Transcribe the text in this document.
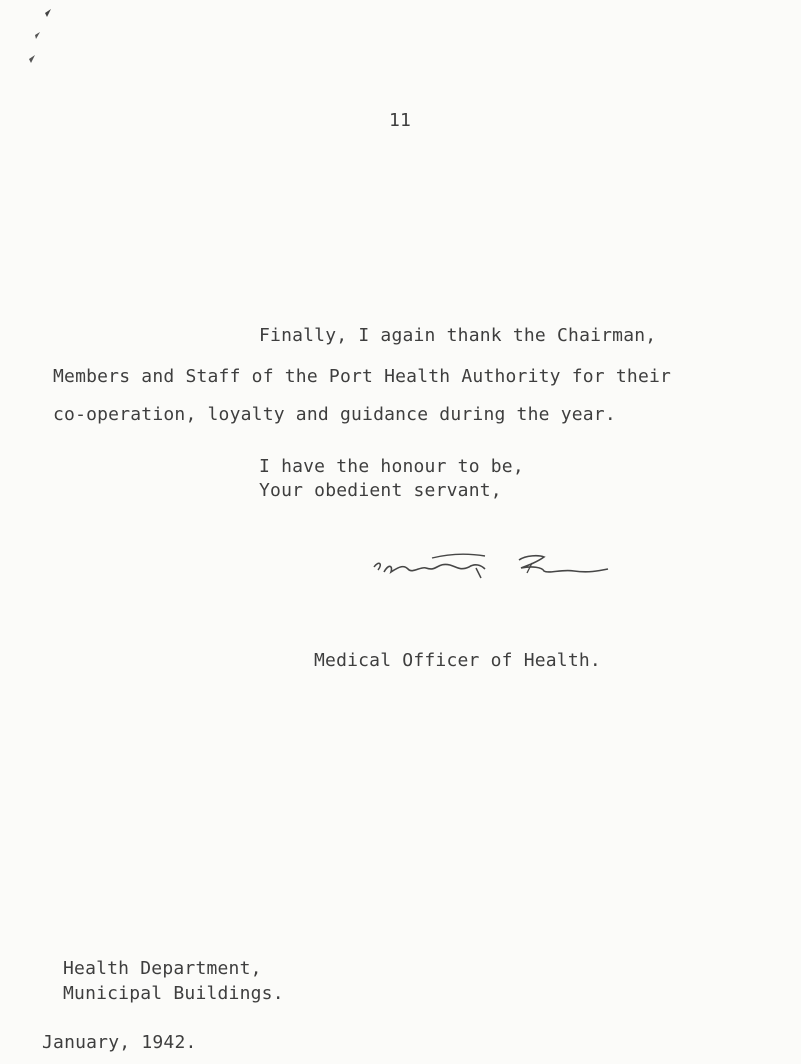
11
Finally, I again thank the Chairman,
Members and Staff of the Port Health Authority for their
co-operation, loyalty and guidance during the year.
I have the honour to be,
Your obedient servant,
Medical Officer of Health.
Health Department,
Municipal Buildings.
January, 1942.
